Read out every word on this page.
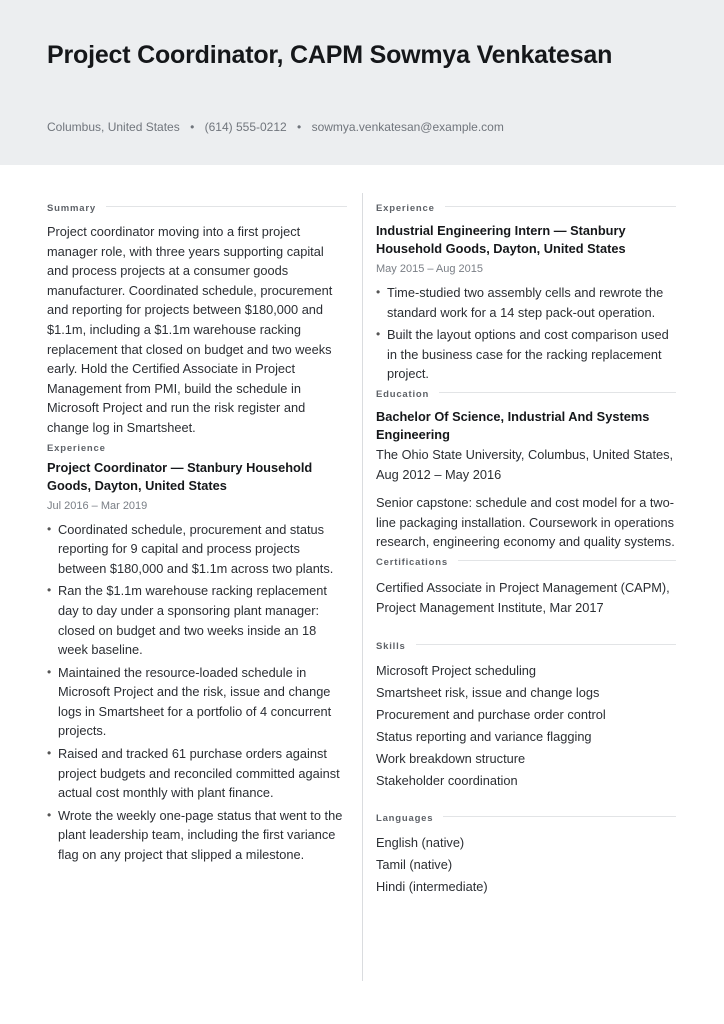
Project Coordinator, CAPM Sowmya Venkatesan
Columbus, United States • (614) 555-0212 • sowmya.venkatesan@example.com
Summary
Project coordinator moving into a first project manager role, with three years supporting capital and process projects at a consumer goods manufacturer. Coordinated schedule, procurement and reporting for projects between $180,000 and $1.1m, including a $1.1m warehouse racking replacement that closed on budget and two weeks early. Hold the Certified Associate in Project Management from PMI, build the schedule in Microsoft Project and run the risk register and change log in Smartsheet.
Experience
Project Coordinator — Stanbury Household Goods, Dayton, United States
Jul 2016 – Mar 2019
• Coordinated schedule, procurement and status reporting for 9 capital and process projects between $180,000 and $1.1m across two plants.
• Ran the $1.1m warehouse racking replacement day to day under a sponsoring plant manager: closed on budget and two weeks inside an 18 week baseline.
• Maintained the resource-loaded schedule in Microsoft Project and the risk, issue and change logs in Smartsheet for a portfolio of 4 concurrent projects.
• Raised and tracked 61 purchase orders against project budgets and reconciled committed against actual cost monthly with plant finance.
• Wrote the weekly one-page status that went to the plant leadership team, including the first variance flag on any project that slipped a milestone.
Experience
Industrial Engineering Intern — Stanbury Household Goods, Dayton, United States
May 2015 – Aug 2015
• Time-studied two assembly cells and rewrote the standard work for a 14 step pack-out operation.
• Built the layout options and cost comparison used in the business case for the racking replacement project.
Education
Bachelor Of Science, Industrial And Systems Engineering
The Ohio State University, Columbus, United States, Aug 2012 – May 2016
Senior capstone: schedule and cost model for a two-line packaging installation. Coursework in operations research, engineering economy and quality systems.
Certifications
Certified Associate in Project Management (CAPM), Project Management Institute, Mar 2017
Skills
Microsoft Project scheduling
Smartsheet risk, issue and change logs
Procurement and purchase order control
Status reporting and variance flagging
Work breakdown structure
Stakeholder coordination
Languages
English (native)
Tamil (native)
Hindi (intermediate)
